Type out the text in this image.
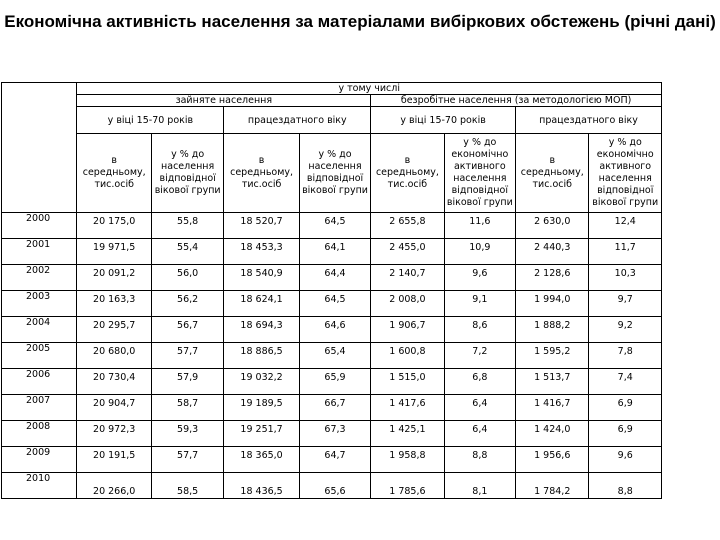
Економічна активність населення за матеріалами вибіркових обстежень (річні дані)
	у тому числі							
	зайняте населення				безробітне населення (за методологією МОП)			
	у віці 15-70 років		працездатного віку		у віці 15-70 років		працездатного віку	
	в середньому, тис.осіб	у % до населення відповідної вікової групи	в середньому, тис.осіб	у % до населення відповідної вікової групи	в середньому, тис.осіб	у % до економічно активного населення відповідної вікової групи	в середньому, тис.осіб	у % до економічно активного населення відповідної вікової групи
2000	20 175,0	55,8	18 520,7	64,5	2 655,8	11,6	2 630,0	12,4
2001	19 971,5	55,4	18 453,3	64,1	2 455,0	10,9	2 440,3	11,7
2002	20 091,2	56,0	18 540,9	64,4	2 140,7	9,6	2 128,6	10,3
2003	20 163,3	56,2	18 624,1	64,5	2 008,0	9,1	1 994,0	9,7
2004	20 295,7	56,7	18 694,3	64,6	1 906,7	8,6	1 888,2	9,2
2005	20 680,0	57,7	18 886,5	65,4	1 600,8	7,2	1 595,2	7,8
2006	20 730,4	57,9	19 032,2	65,9	1 515,0	6,8	1 513,7	7,4
2007	20 904,7	58,7	19 189,5	66,7	1 417,6	6,4	1 416,7	6,9
2008	20 972,3	59,3	19 251,7	67,3	1 425,1	6,4	1 424,0	6,9
2009	20 191,5	57,7	18 365,0	64,7	1 958,8	8,8	1 956,6	9,6
2010	20 266,0	58,5	18 436,5	65,6	1 785,6	8,1	1 784,2	8,8
